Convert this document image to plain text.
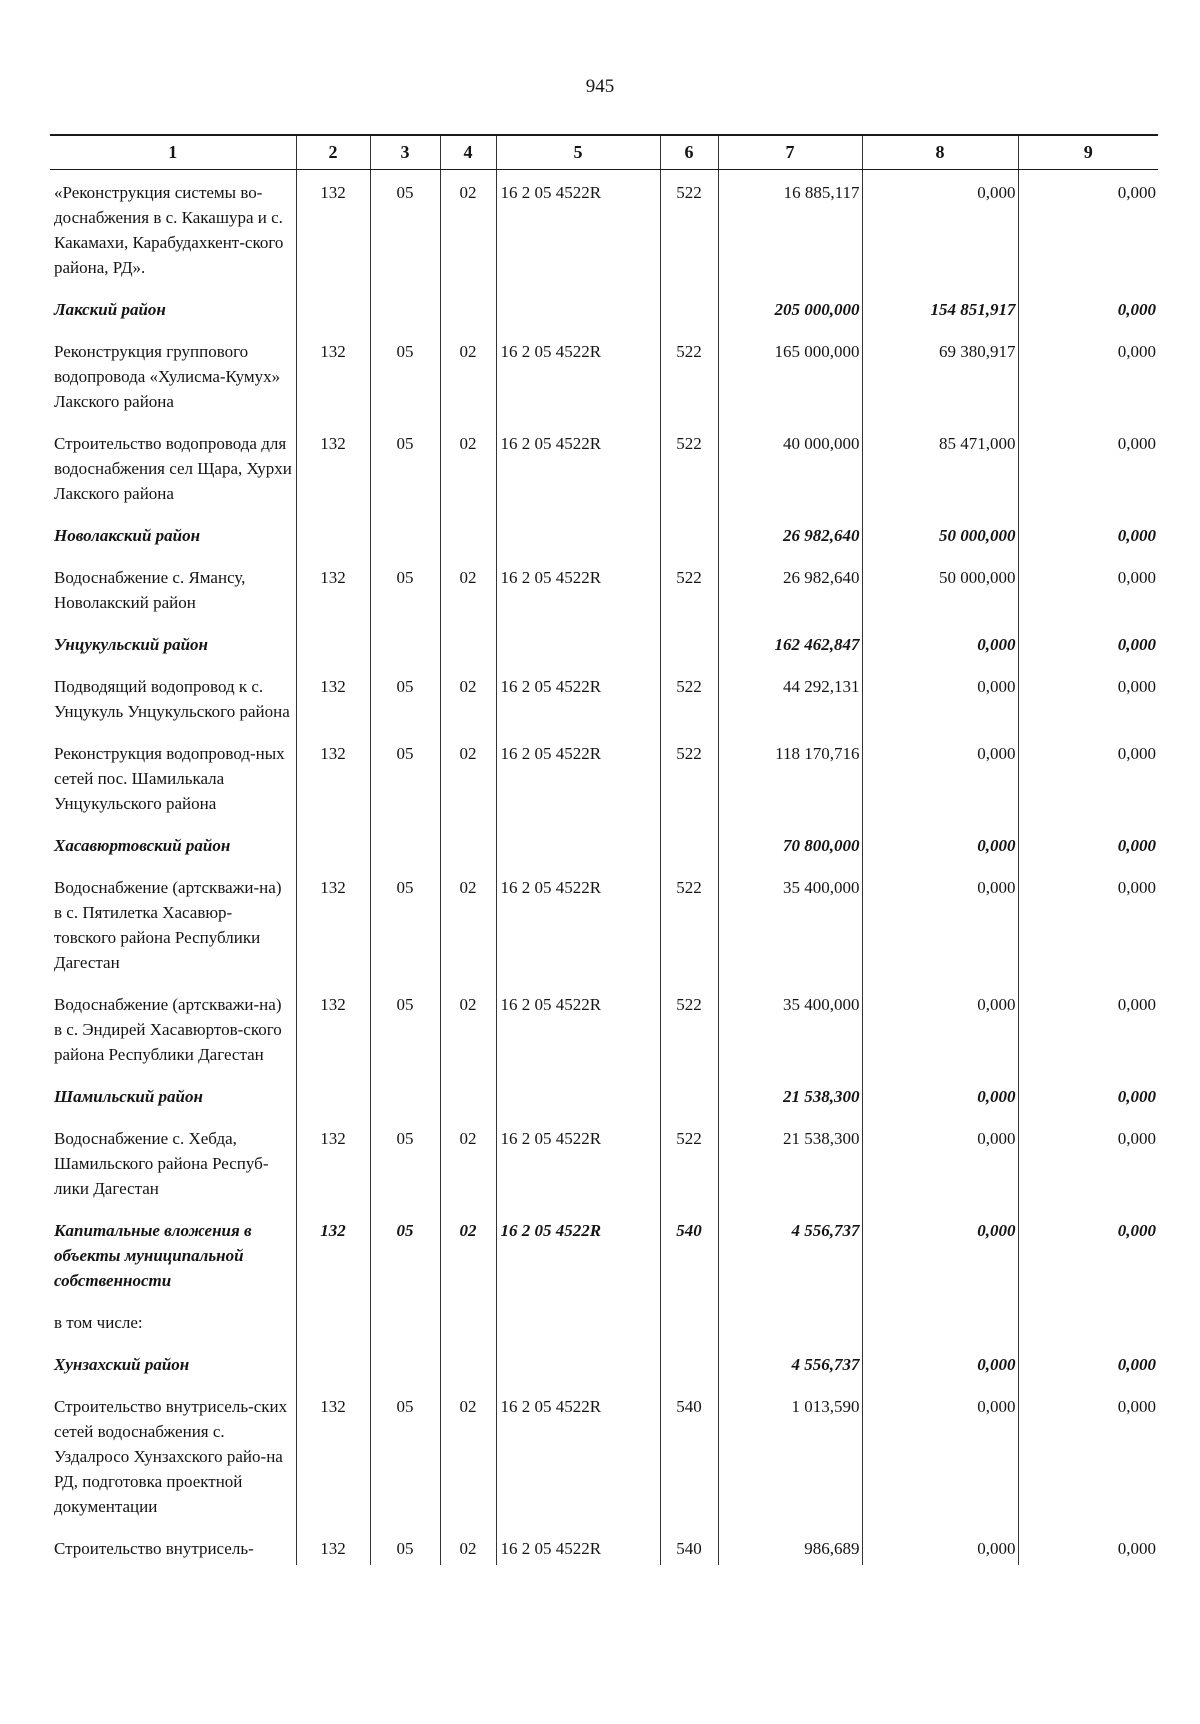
945
1	2	3	4	5	6	7	8	9
«Реконструкция системы во-доснабжения в с. Какашура и с. Какамахи, Карабудахкент-ского района, РД».	132	05	02	16 2 05 4522R	522	16 885,117	0,000	0,000
Лакский район						205 000,000	154 851,917	0,000
Реконструкция группового водопровода «Хулисма-Кумух» Лакского района	132	05	02	16 2 05 4522R	522	165 000,000	69 380,917	0,000
Строительство водопровода для водоснабжения сел Щара, Хурхи Лакского района	132	05	02	16 2 05 4522R	522	40 000,000	85 471,000	0,000
Новолакский район						26 982,640	50 000,000	0,000
Водоснабжение с. Ямансу, Новолакский район	132	05	02	16 2 05 4522R	522	26 982,640	50 000,000	0,000
Унцукульский район						162 462,847	0,000	0,000
Подводящий водопровод к с. Унцукуль Унцукульского района	132	05	02	16 2 05 4522R	522	44 292,131	0,000	0,000
Реконструкция водопровод-ных сетей пос. Шамилькала Унцукульского района	132	05	02	16 2 05 4522R	522	118 170,716	0,000	0,000
Хасавюртовский район						70 800,000	0,000	0,000
Водоснабжение (артскважи-на) в с. Пятилетка Хасавюр-товского района Республики Дагестан	132	05	02	16 2 05 4522R	522	35 400,000	0,000	0,000
Водоснабжение (артскважи-на) в с. Эндирей Хасавюртов-ского района Республики Дагестан	132	05	02	16 2 05 4522R	522	35 400,000	0,000	0,000
Шамильский район						21 538,300	0,000	0,000
Водоснабжение с. Хебда, Шамильского района Респуб-лики Дагестан	132	05	02	16 2 05 4522R	522	21 538,300	0,000	0,000
Капитальные вложения в объекты муниципальной собственности	132	05	02	16 2 05 4522R	540	4 556,737	0,000	0,000
в том числе:								
Хунзахский район						4 556,737	0,000	0,000
Строительство внутрисель-ских сетей водоснабжения с. Уздалросо Хунзахского райо-на РД, подготовка проектной документации	132	05	02	16 2 05 4522R	540	1 013,590	0,000	0,000
Строительство внутрисель-	132	05	02	16 2 05 4522R	540	986,689	0,000	0,000
